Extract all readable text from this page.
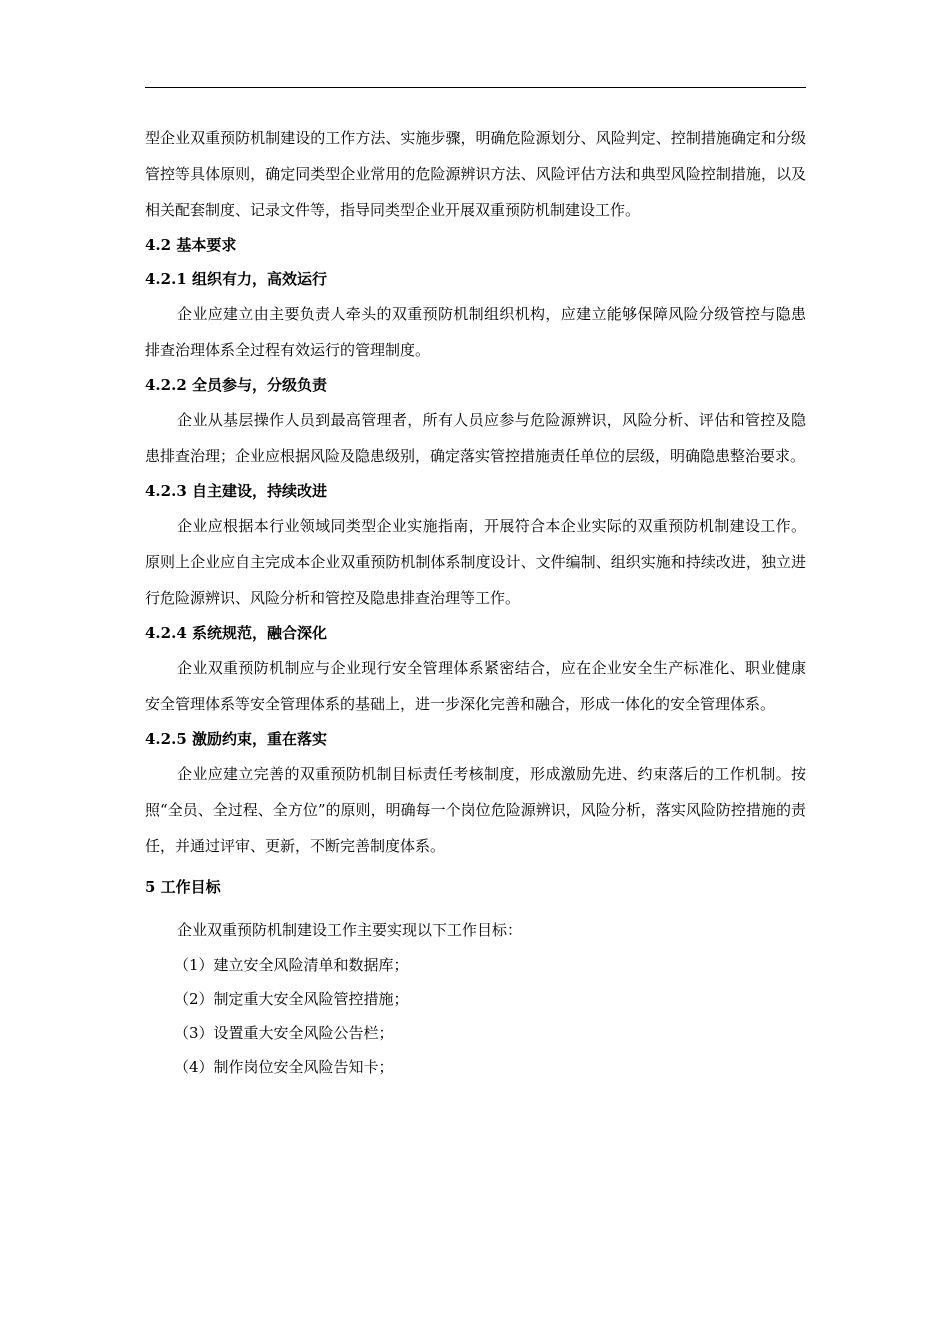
型企业双重预防机制建设的工作方法、实施步骤，明确危险源划分、风险判定、控制措施确定和分级管控等具体原则，确定同类型企业常用的危险源辨识方法、风险评估方法和典型风险控制措施，以及相关配套制度、记录文件等，指导同类型企业开展双重预防机制建设工作。

4.2 基本要求

4.2.1 组织有力，高效运行

企业应建立由主要负责人牵头的双重预防机制组织机构，应建立能够保障风险分级管控与隐患排查治理体系全过程有效运行的管理制度。

4.2.2 全员参与，分级负责

企业从基层操作人员到最高管理者，所有人员应参与危险源辨识，风险分析、评估和管控及隐患排查治理；企业应根据风险及隐患级别，确定落实管控措施责任单位的层级，明确隐患整治要求。

4.2.3 自主建设，持续改进

企业应根据本行业领域同类型企业实施指南，开展符合本企业实际的双重预防机制建设工作。原则上企业应自主完成本企业双重预防机制体系制度设计、文件编制、组织实施和持续改进，独立进行危险源辨识、风险分析和管控及隐患排查治理等工作。

4.2.4 系统规范，融合深化

企业双重预防机制应与企业现行安全管理体系紧密结合，应在企业安全生产标准化、职业健康安全管理体系等安全管理体系的基础上，进一步深化完善和融合，形成一体化的安全管理体系。

4.2.5 激励约束，重在落实

企业应建立完善的双重预防机制目标责任考核制度，形成激励先进、约束落后的工作机制。按照“全员、全过程、全方位”的原则，明确每一个岗位危险源辨识，风险分析，落实风险防控措施的责任，并通过评审、更新，不断完善制度体系。

5 工作目标

企业双重预防机制建设工作主要实现以下工作目标：

（1）建立安全风险清单和数据库；

（2）制定重大安全风险管控措施；

（3）设置重大安全风险公告栏；

（4）制作岗位安全风险告知卡；
